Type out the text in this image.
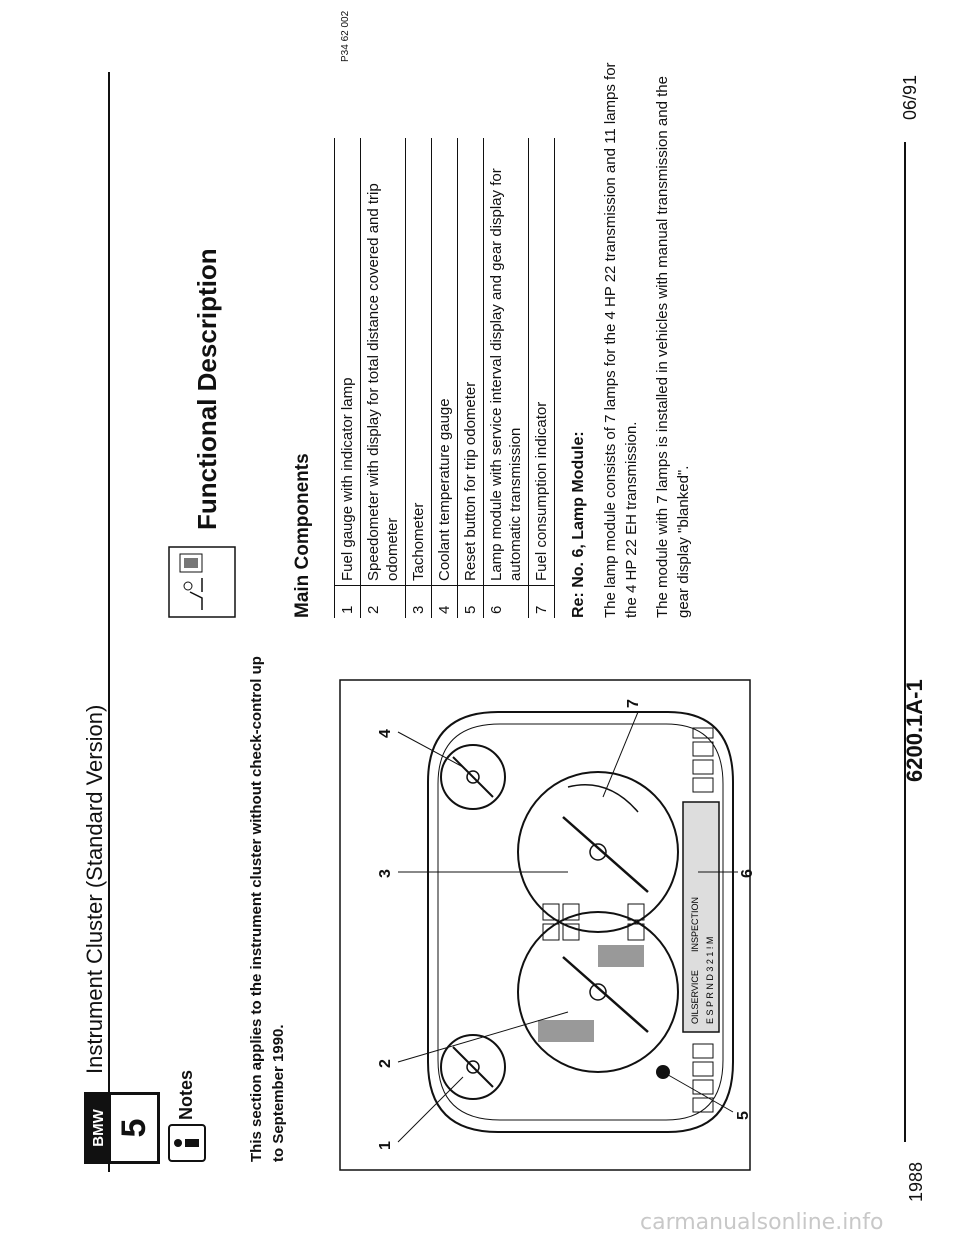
BMW 5
Instrument Cluster (Standard Version)
1988
6200.1A-1
06/91
Notes	This section applies to the instrument cluster without check-control up to September 1990.
OILSERVICE
INSPECTION
E S P R N D 3 2 1 ! M
1
2
3
4
5
6
7
P34 62 002
Functional Description
Main Components 1	Fuel gauge with indicator lamp
2	Speedometer with display for total distance covered and trip odometer
3	Tachometer
4	Coolant temperature gauge
5	Reset button for trip odometer
6	Lamp module with service interval display and gear display for automatic transmission
7	Fuel consumption indicator Re: No. 6, Lamp Module: The lamp module consists of 7 lamps for the 4 HP 22 transmission and 11 lamps for the 4 HP 22 EH transmission. The module with 7 lamps is installed in vehicles with manual transmission and the gear display "blanked".
carmanualsonline.info
